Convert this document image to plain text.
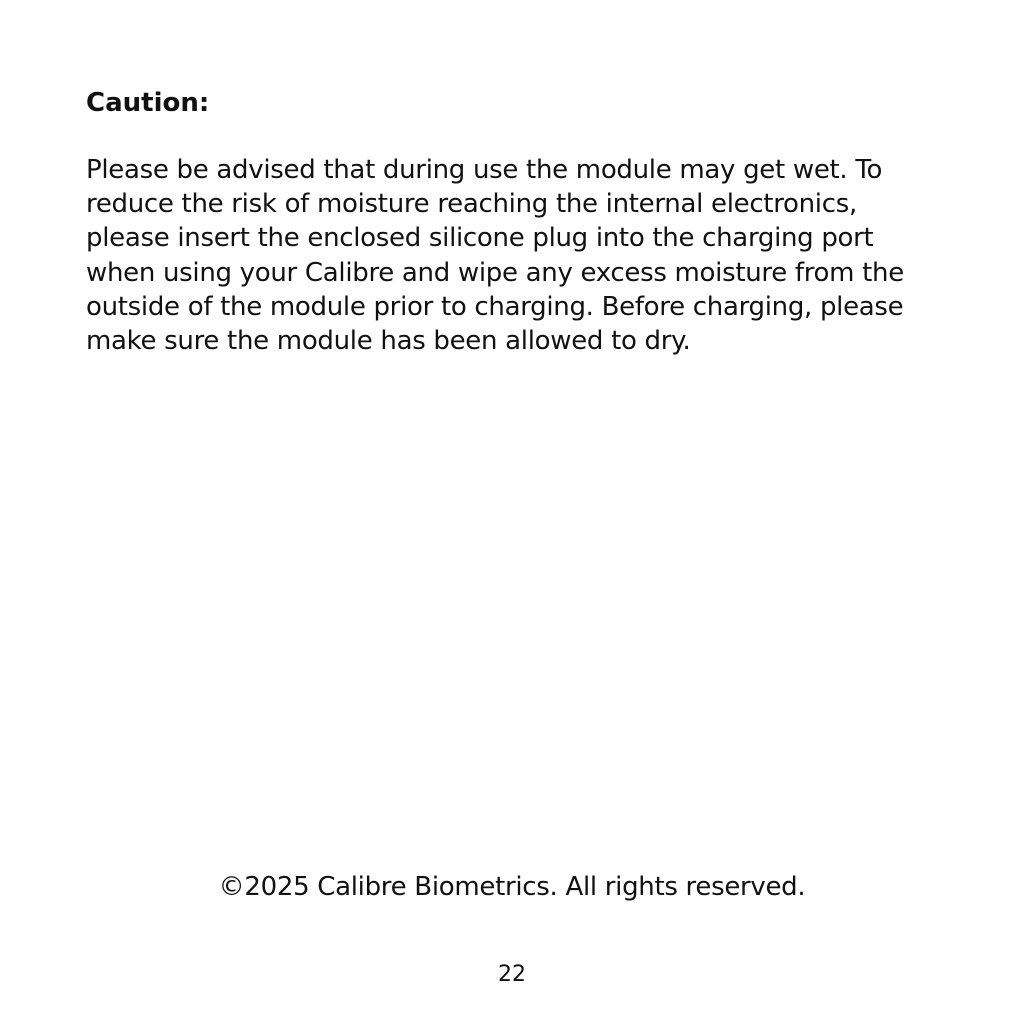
Caution:

Please be advised that during use the module may get wet. To
reduce the risk of moisture reaching the internal electronics,
please insert the enclosed silicone plug into the charging port
when using your Calibre and wipe any excess moisture from the
outside of the module prior to charging. Before charging, please
make sure the module has been allowed to dry.

©2025 Calibre Biometrics. All rights reserved.

22
